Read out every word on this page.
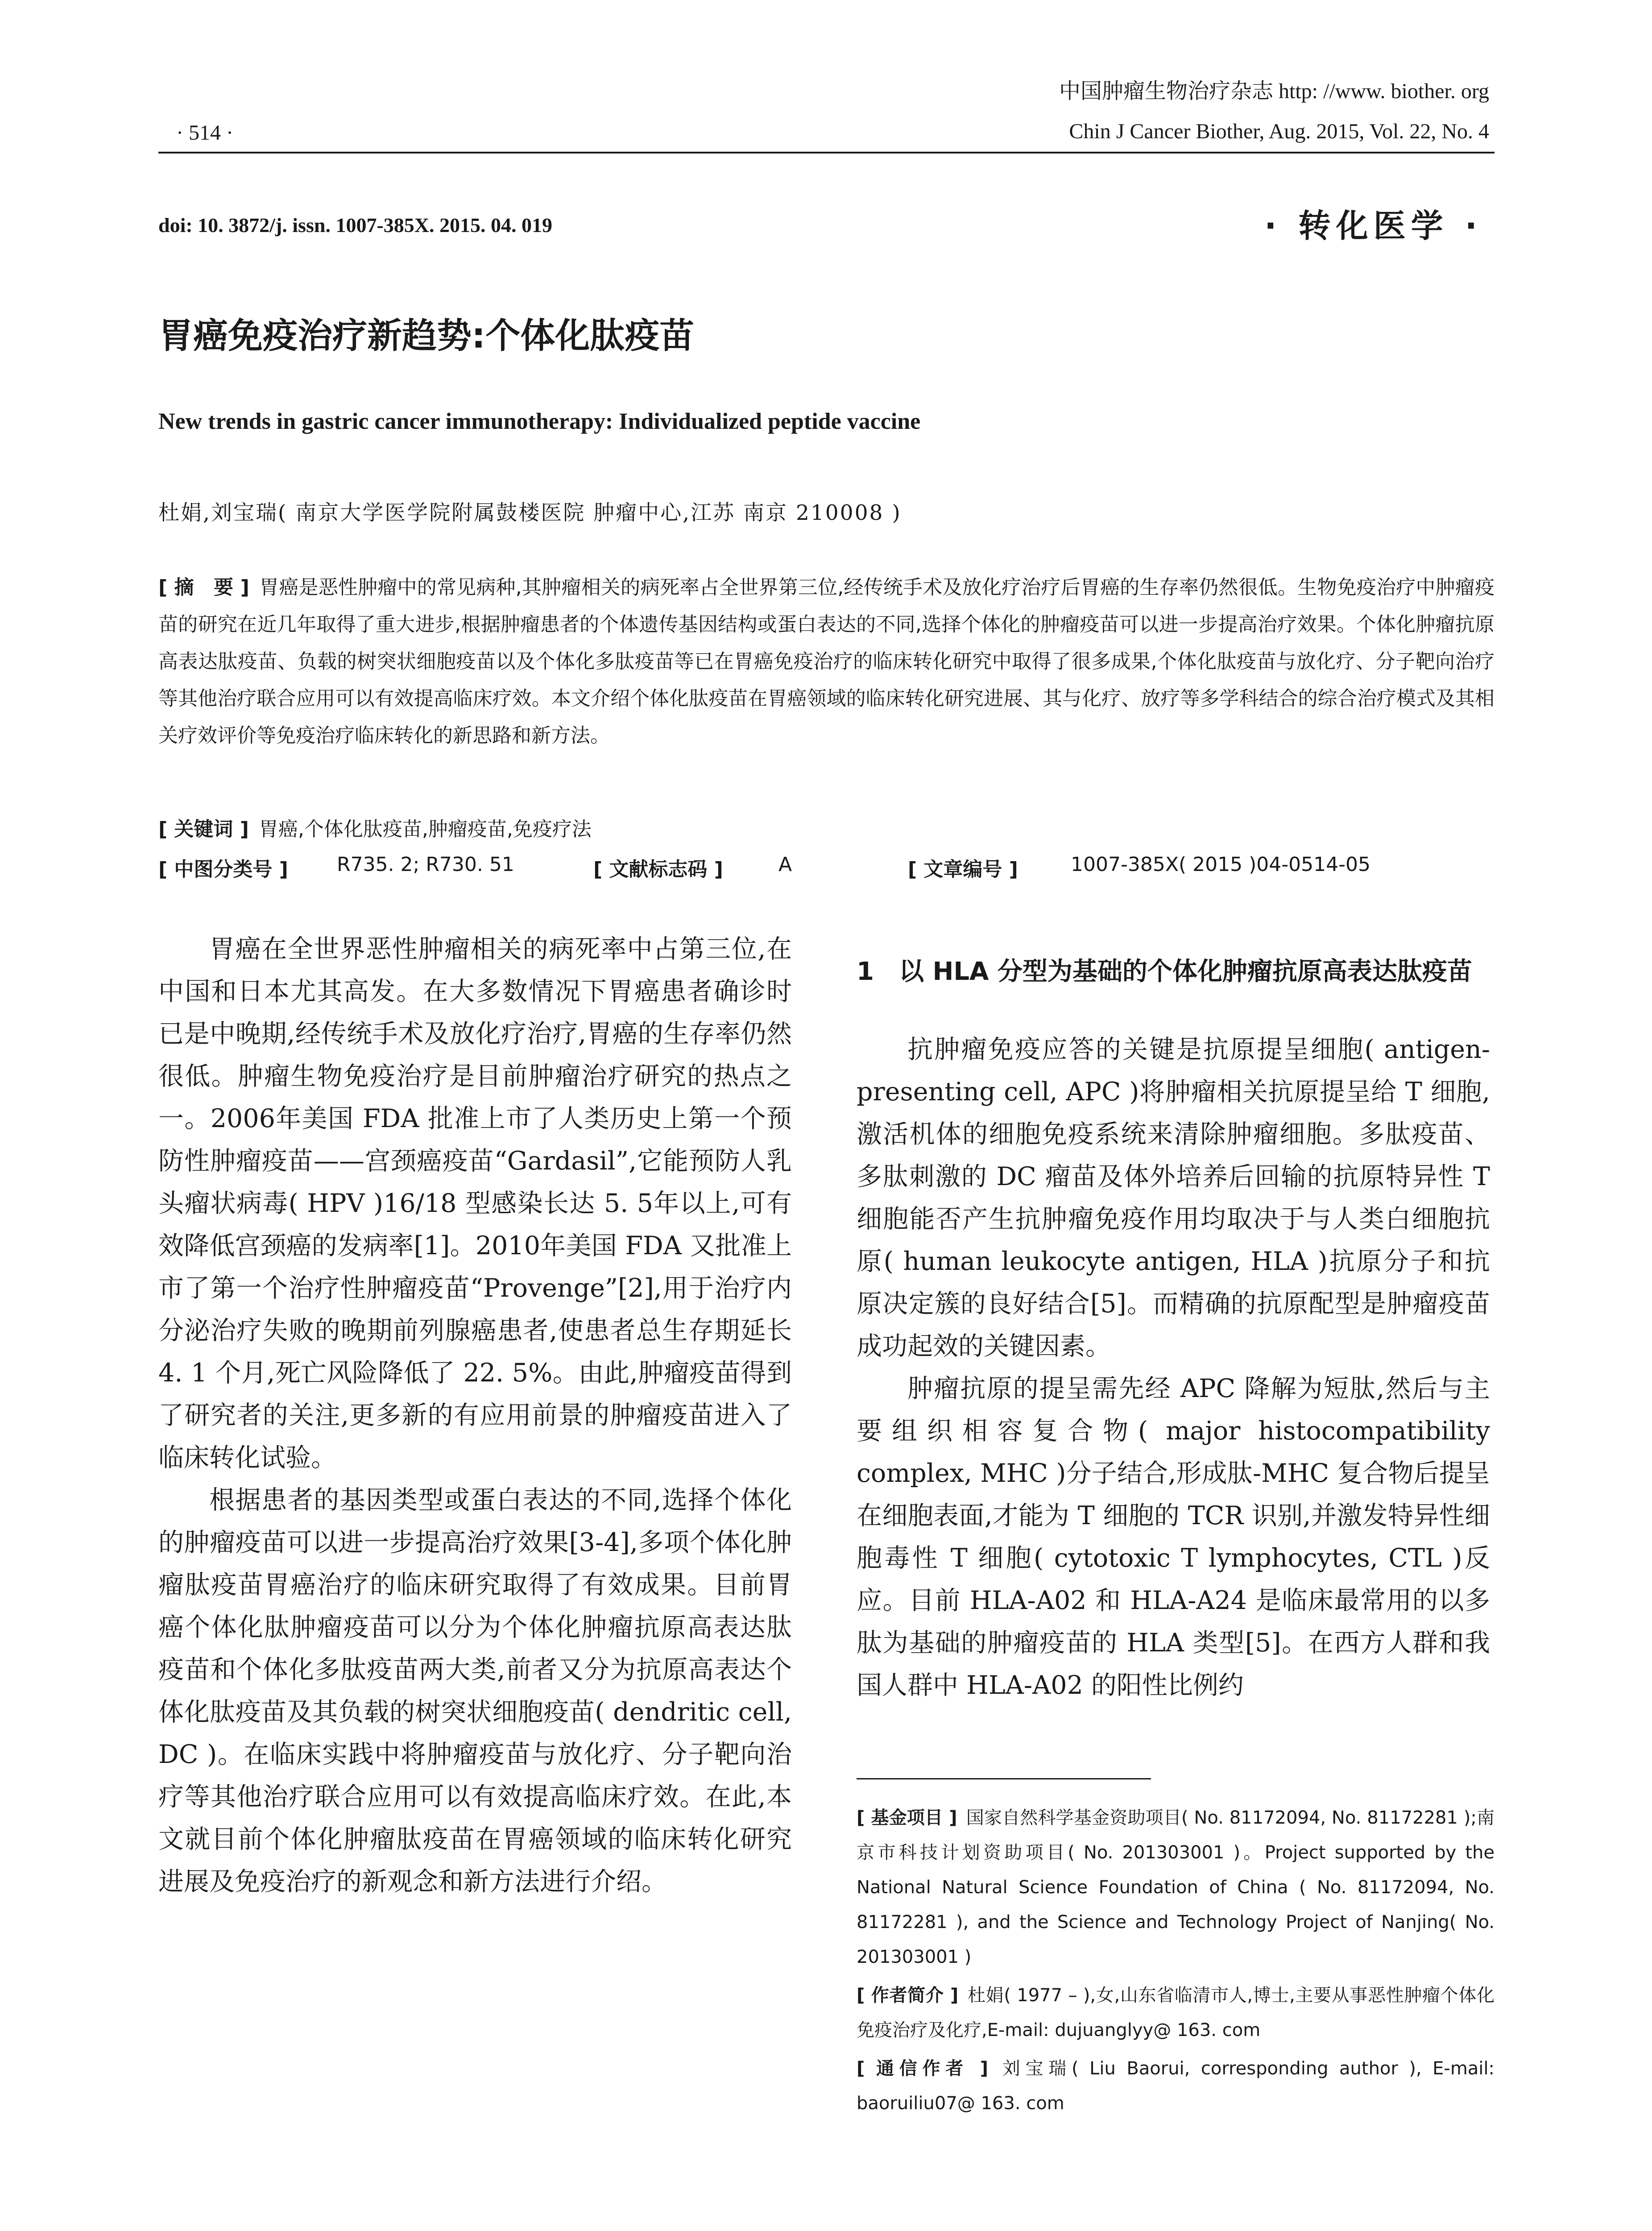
· 514 ·
中国肿瘤生物治疗杂志 http: //www. biother. org
Chin J Cancer Biother, Aug. 2015, Vol. 22, No. 4
doi: 10. 3872/j. issn. 1007-385X. 2015. 04. 019	· 转化医学 ·
胃癌免疫治疗新趋势:个体化肽疫苗
New trends in gastric cancer immunotherapy: Individualized peptide vaccine
杜娟,刘宝瑞( 南京大学医学院附属鼓楼医院 肿瘤中心,江苏 南京 210008 )
[ 摘　要 ] 胃癌是恶性肿瘤中的常见病种,其肿瘤相关的病死率占全世界第三位,经传统手术及放化疗治疗后胃癌的生存率仍然很低。生物免疫治疗中肿瘤疫苗的研究在近几年取得了重大进步,根据肿瘤患者的个体遗传基因结构或蛋白表达的不同,选择个体化的肿瘤疫苗可以进一步提高治疗效果。个体化肿瘤抗原高表达肽疫苗、负载的树突状细胞疫苗以及个体化多肽疫苗等已在胃癌免疫治疗的临床转化研究中取得了很多成果,个体化肽疫苗与放化疗、分子靶向治疗等其他治疗联合应用可以有效提高临床疗效。本文介绍个体化肽疫苗在胃癌领域的临床转化研究进展、其与化疗、放疗等多学科结合的综合治疗模式及其相关疗效评价等免疫治疗临床转化的新思路和新方法。
[ 关键词 ] 胃癌,个体化肽疫苗,肿瘤疫苗,免疫疗法
[ 中图分类号 ] R735. 2; R730. 51	[ 文献标志码 ]	A	[ 文章编号 ]	1007-385X( 2015 )04-0514-05

胃癌在全世界恶性肿瘤相关的病死率中占第三位,在中国和日本尤其高发。在大多数情况下胃癌患者确诊时已是中晚期,经传统手术及放化疗治疗,胃癌的生存率仍然很低。肿瘤生物免疫治疗是目前肿瘤治疗研究的热点之一。2006年美国 FDA 批准上市了人类历史上第一个预防性肿瘤疫苗——宫颈癌疫苗“Gardasil”,它能预防人乳头瘤状病毒( HPV )16/18 型感染长达 5. 5年以上,可有效降低宫颈癌的发病率[1]。2010年美国 FDA 又批准上市了第一个治疗性肿瘤疫苗“Provenge”[2],用于治疗内分泌治疗失败的晚期前列腺癌患者,使患者总生存期延长 4. 1 个月,死亡风险降低了 22. 5%。由此,肿瘤疫苗得到了研究者的关注,更多新的有应用前景的肿瘤疫苗进入了临床转化试验。

根据患者的基因类型或蛋白表达的不同,选择个体化的肿瘤疫苗可以进一步提高治疗效果[3-4],多项个体化肿瘤肽疫苗胃癌治疗的临床研究取得了有效成果。目前胃癌个体化肽肿瘤疫苗可以分为个体化肿瘤抗原高表达肽疫苗和个体化多肽疫苗两大类,前者又分为抗原高表达个体化肽疫苗及其负载的树突状细胞疫苗( dendritic cell, DC )。在临床实践中将肿瘤疫苗与放化疗、分子靶向治疗等其他治疗联合应用可以有效提高临床疗效。在此,本文就目前个体化肿瘤肽疫苗在胃癌领域的临床转化研究进展及免疫治疗的新观念和新方法进行介绍。

1　以 HLA 分型为基础的个体化肿瘤抗原高表达肽疫苗

抗肿瘤免疫应答的关键是抗原提呈细胞( antigen-presenting cell, APC )将肿瘤相关抗原提呈给 T 细胞,激活机体的细胞免疫系统来清除肿瘤细胞。多肽疫苗、多肽刺激的 DC 瘤苗及体外培养后回输的抗原特异性 T 细胞能否产生抗肿瘤免疫作用均取决于与人类白细胞抗原( human leukocyte antigen, HLA )抗原分子和抗原决定簇的良好结合[5]。而精确的抗原配型是肿瘤疫苗成功起效的关键因素。

肿瘤抗原的提呈需先经 APC 降解为短肽,然后与主要组织相容复合物( major histocompatibility complex, MHC )分子结合,形成肽-MHC 复合物后提呈在细胞表面,才能为 T 细胞的 TCR 识别,并激发特异性细胞毒性 T 细胞( cytotoxic T lymphocytes, CTL )反应。目前 HLA-A02 和 HLA-A24 是临床最常用的以多肽为基础的肿瘤疫苗的 HLA 类型[5]。在西方人群和我国人群中 HLA-A02 的阳性比例约

[ 基金项目 ] 国家自然科学基金资助项目( No. 81172094, No. 81172281 );南京市科技计划资助项目( No. 201303001 )。Project supported by the National Natural Science Foundation of China ( No. 81172094, No. 81172281 ), and the Science and Technology Project of Nanjing( No. 201303001 )

[ 作者简介 ] 杜娟( 1977 – ),女,山东省临清市人,博士,主要从事恶性肿瘤个体化免疫治疗及化疗,E-mail: dujuanglyy@ 163. com

[ 通信作者 ] 刘宝瑞( Liu Baorui, corresponding author ), E-mail: baoruiliu07@ 163. com
